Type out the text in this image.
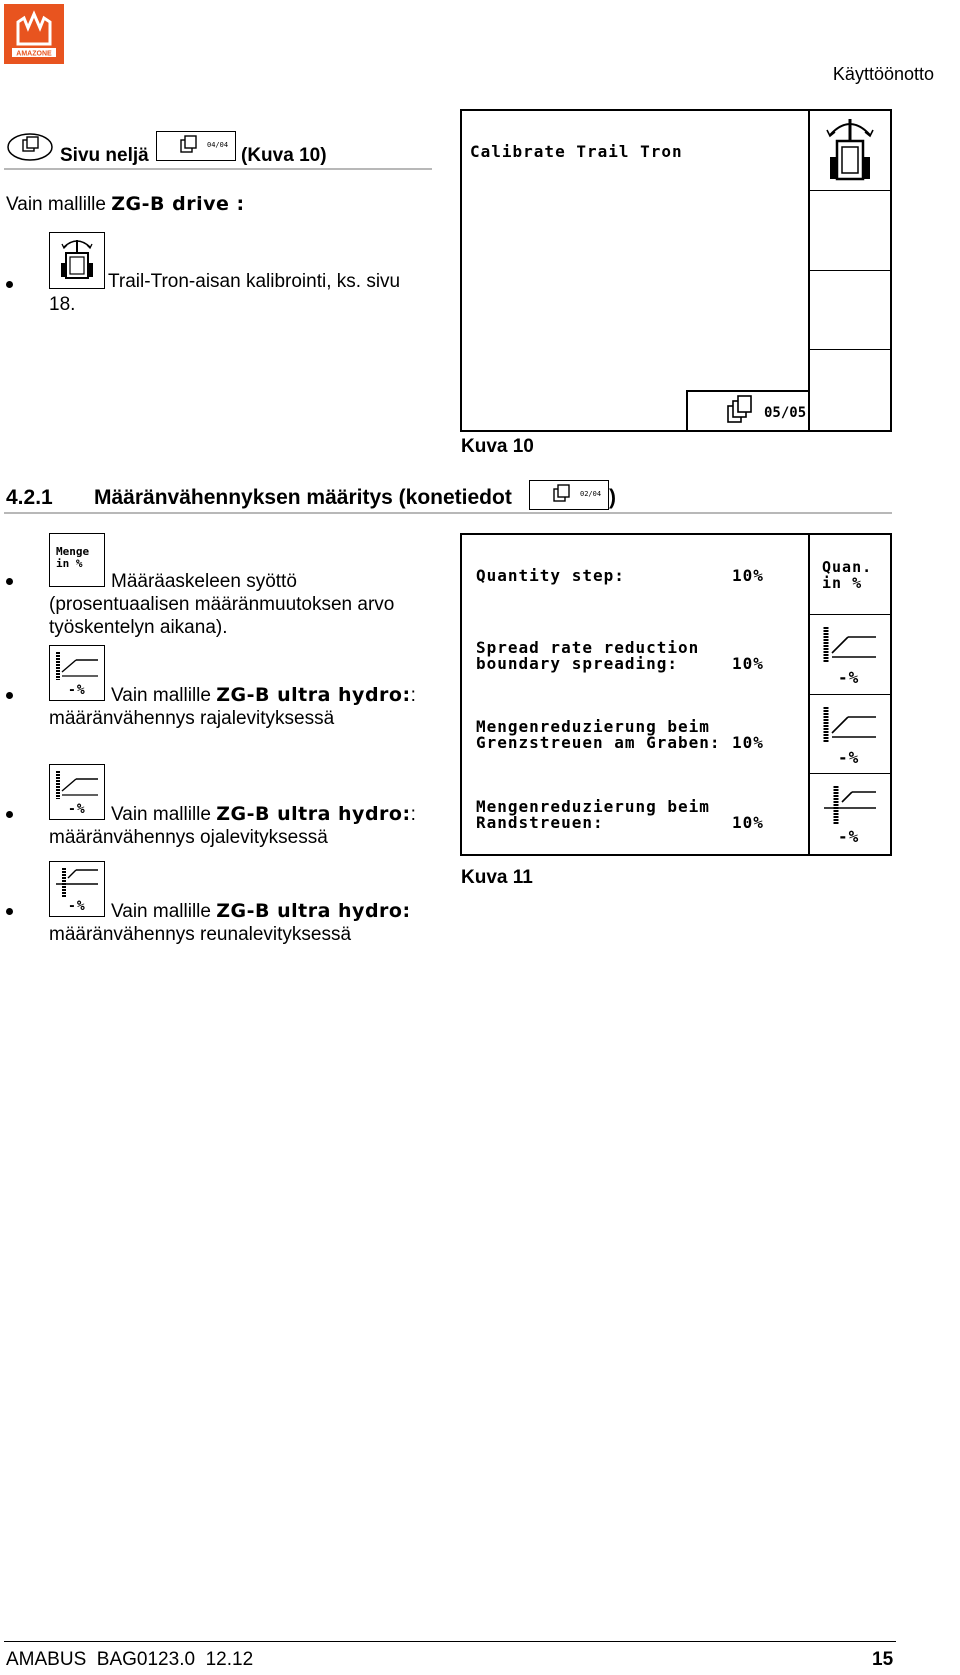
AMAZONE
Käyttöönotto
Sivu neljä	04/04 (Kuva 10)
Vain mallille ZG-B drive :
Trail-Tron-aisan kalibrointi, ks. sivu 18.
Calibrate Trail Tron
05/05
Kuva 10
4.2.1 Määränvähennyksen määritys (konetiedot	02/04 )
Menge
in %
Määräaskeleen syöttö (prosentuaalisen määränmuutoksen arvo työskentelyn aikana).
-%	Vain mallille ZG-B ultra hydro:: määränvähennys rajalevityksessä
-%	Vain mallille ZG-B ultra hydro:: määränvähennys ojalevityksessä
-%	Vain mallille ZG-B ultra hydro: määränvähennys reunalevityksessä
Quantity step:	10%
Spread rate reduction
boundary spreading:	10%
Mengenreduzierung beim
Grenzstreuen am Graben: 10%
Mengenreduzierung beim
Randstreuen:	10%
Quan.
in %
-%
-%
-%
Kuva 11
AMABUS  BAG0123.0  12.12	15
